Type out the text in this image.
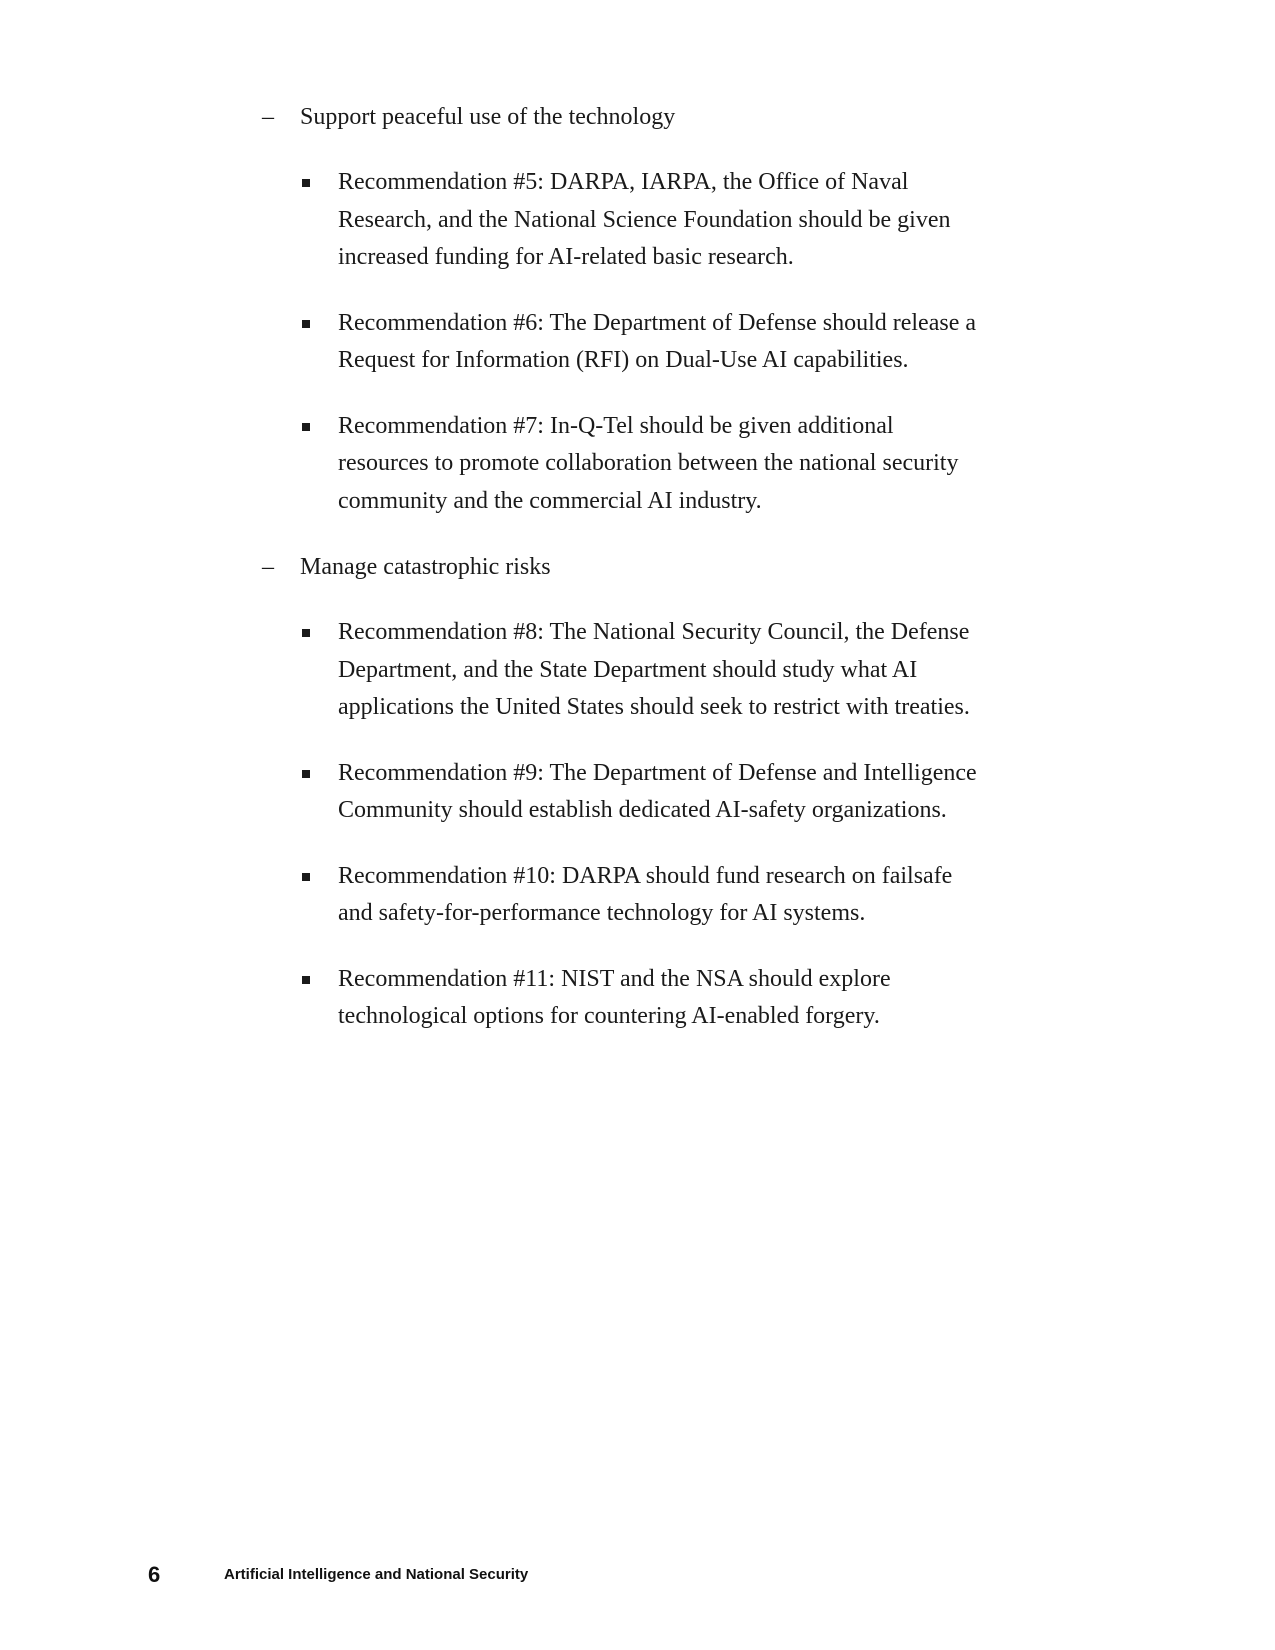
– Support peaceful use of the technology
Recommendation #5: DARPA, IARPA, the Office of Naval Research, and the National Science Foundation should be given increased funding for AI-related basic research.
Recommendation #6: The Department of Defense should release a Request for Information (RFI) on Dual-Use AI capabilities.
Recommendation #7: In-Q-Tel should be given additional resources to promote collaboration between the national security community and the commercial AI industry.
– Manage catastrophic risks
Recommendation #8: The National Security Council, the Defense Department, and the State Department should study what AI applications the United States should seek to restrict with treaties.
Recommendation #9: The Department of Defense and Intelligence Community should establish dedicated AI-safety organizations.
Recommendation #10: DARPA should fund research on failsafe and safety-for-performance technology for AI systems.
Recommendation #11: NIST and the NSA should explore technological options for countering AI-enabled forgery.
6	Artificial Intelligence and National Security
